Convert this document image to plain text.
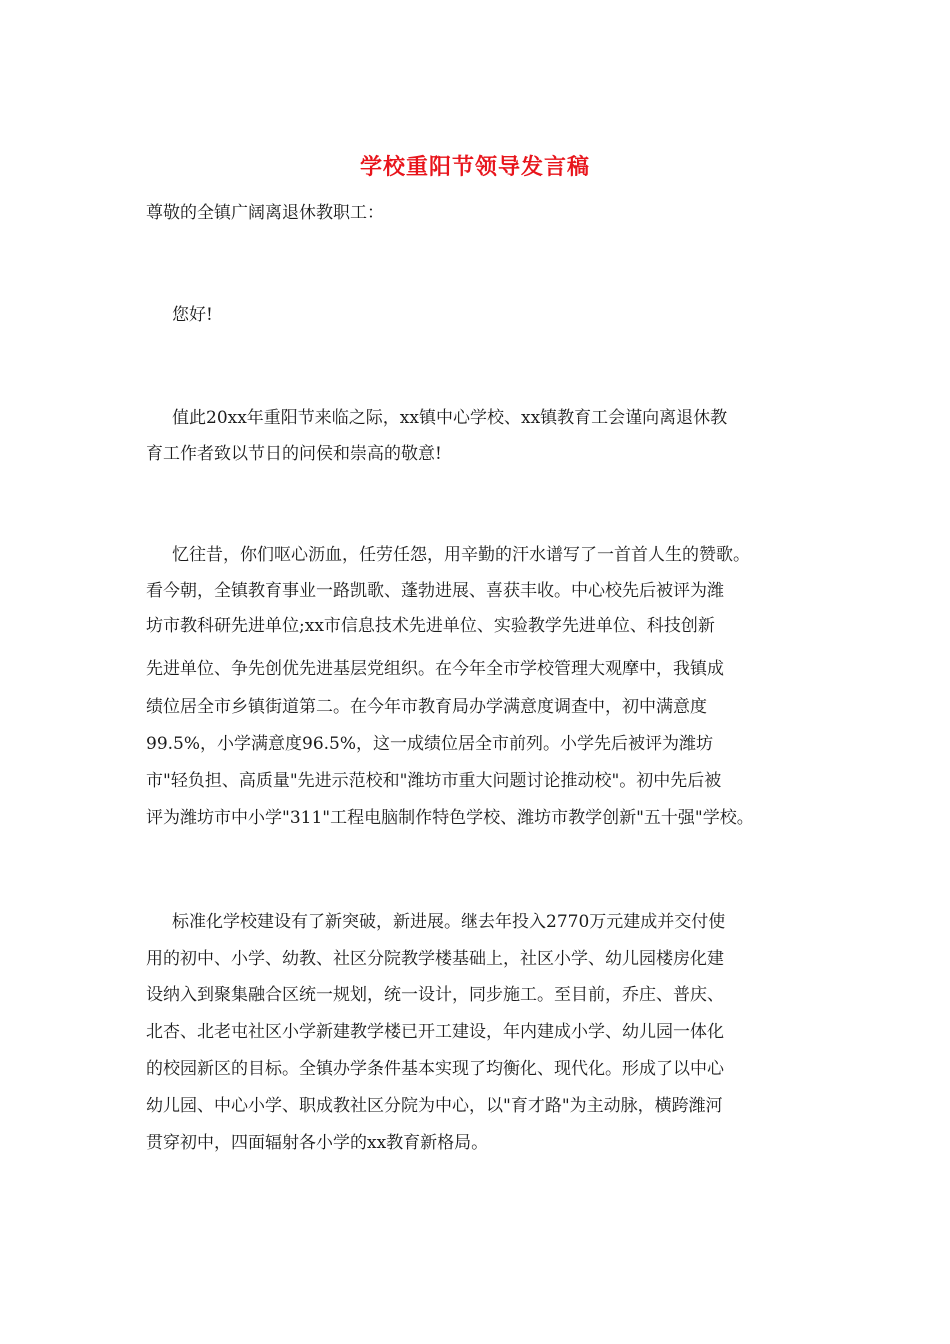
学校重阳节领导发言稿
尊敬的全镇广阔离退休教职工：
您好!
值此20xx年重阳节来临之际，xx镇中心学校、xx镇教育工会谨向离退休教
育工作者致以节日的问侯和崇高的敬意!
忆往昔，你们呕心沥血，任劳任怨，用辛勤的汗水谱写了一首首人生的赞歌。
看今朝，全镇教育事业一路凯歌、蓬勃进展、喜获丰收。中心校先后被评为潍
坊市教科研先进单位;xx市信息技术先进单位、实验教学先进单位、科技创新
先进单位、争先创优先进基层党组织。在今年全市学校管理大观摩中，我镇成
绩位居全市乡镇街道第二。在今年市教育局办学满意度调查中，初中满意度
99.5%，小学满意度96.5%，这一成绩位居全市前列。小学先后被评为潍坊
市"轻负担、高质量"先进示范校和"潍坊市重大问题讨论推动校"。初中先后被
评为潍坊市中小学"311"工程电脑制作特色学校、潍坊市教学创新"五十强"学校。
标准化学校建设有了新突破，新进展。继去年投入2770万元建成并交付使
用的初中、小学、幼教、社区分院教学楼基础上，社区小学、幼儿园楼房化建
设纳入到聚集融合区统一规划，统一设计，同步施工。至目前，乔庄、普庆、
北杏、北老屯社区小学新建教学楼已开工建设，年内建成小学、幼儿园一体化
的校园新区的目标。全镇办学条件基本实现了均衡化、现代化。形成了以中心
幼儿园、中心小学、职成教社区分院为中心，以"育才路"为主动脉，横跨潍河
贯穿初中，四面辐射各小学的xx教育新格局。
